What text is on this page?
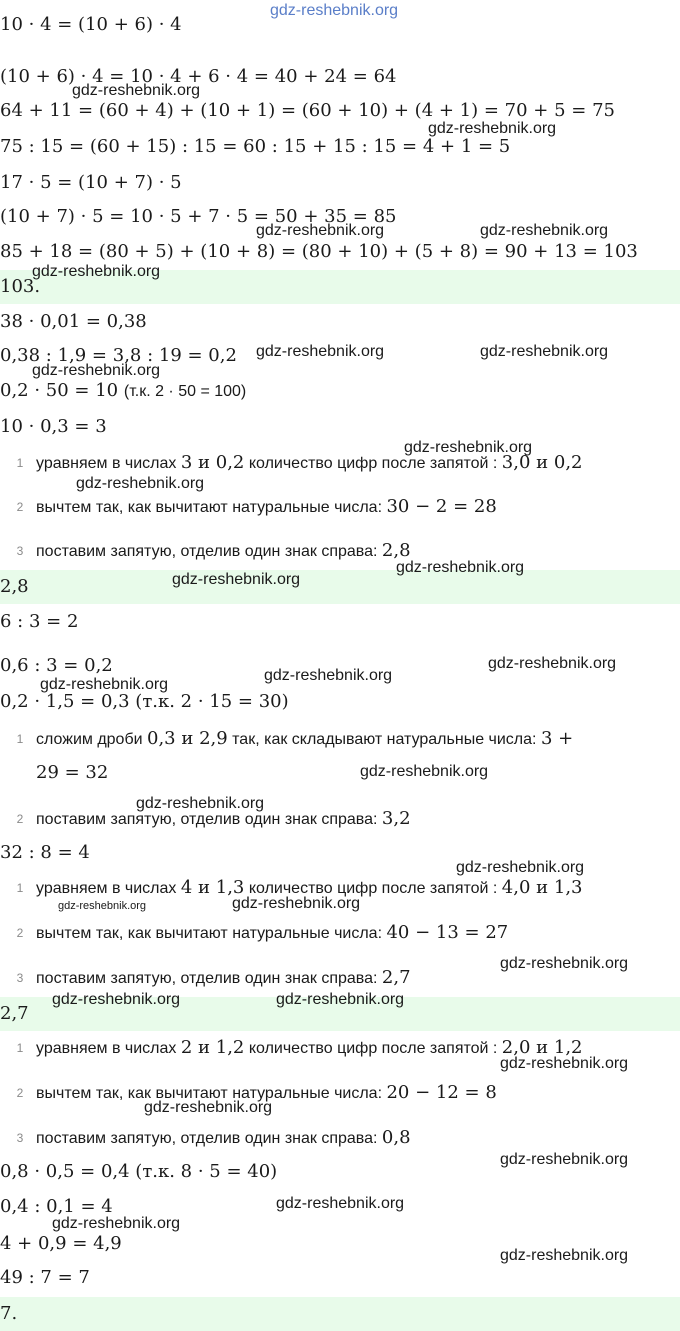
10 · 4 = (10 + 6) · 4
(10 + 6) · 4 = 10 · 4 + 6 · 4 = 40 + 24 = 64
64 + 11 = (60 + 4) + (10 + 1) = (60 + 10) + (4 + 1) = 70 + 5 = 75
75 : 15 = (60 + 15) : 15 = 60 : 15 + 15 : 15 = 4 + 1 = 5
17 · 5 = (10 + 7) · 5
(10 + 7) · 5 = 10 · 5 + 7 · 5 = 50 + 35 = 85
85 + 18 = (80 + 5) + (10 + 8) = (80 + 10) + (5 + 8) = 90 + 13 = 103
103.
38 · 0,01 = 0,38
0,38 : 1,9 = 3,8 : 19 = 0,2
0,2 · 50 = 10 (т.к. 2 · 50 = 100)
10 · 0,3 = 3
1 уравняем в числах 3 и 0,2 количество цифр после запятой : 3,0 и 0,2
2 вычтем так, как вычитают натуральные числа: 30 − 2 = 28
3 поставим запятую, отделив один знак справа: 2,8
2,8
6 : 3 = 2
0,6 : 3 = 0,2
0,2 · 1,5 = 0,3 (т.к. 2 · 15 = 30)
1 сложим дроби 0,3 и 2,9 так, как складывают натуральные числа: 3 +
29 = 32
2 поставим запятую, отделив один знак справа: 3,2
32 : 8 = 4
1 уравняем в числах 4 и 1,3 количество цифр после запятой : 4,0 и 1,3
2 вычтем так, как вычитают натуральные числа: 40 − 13 = 27
3 поставим запятую, отделив один знак справа: 2,7
2,7
1 уравняем в числах 2 и 1,2 количество цифр после запятой : 2,0 и 1,2
2 вычтем так, как вычитают натуральные числа: 20 − 12 = 8
3 поставим запятую, отделив один знак справа: 0,8
0,8 · 0,5 = 0,4 (т.к. 8 · 5 = 40)
0,4 : 0,1 = 4
4 + 0,9 = 4,9
49 : 7 = 7
7.
gdz-reshebnik.org
gdz-reshebnik.org
gdz-reshebnik.org
gdz-reshebnik.org	gdz-reshebnik.org
gdz-reshebnik.org
gdz-reshebnik.org	gdz-reshebnik.org
gdz-reshebnik.org
gdz-reshebnik.org
gdz-reshebnik.org
gdz-reshebnik.org
gdz-reshebnik.org
gdz-reshebnik.org
gdz-reshebnik.org
gdz-reshebnik.org
gdz-reshebnik.org
gdz-reshebnik.org
gdz-reshebnik.org
gdz-reshebnik.org	gdz-reshebnik.org
gdz-reshebnik.org
gdz-reshebnik.org	gdz-reshebnik.org
gdz-reshebnik.org
gdz-reshebnik.org
gdz-reshebnik.org
gdz-reshebnik.org
gdz-reshebnik.org
gdz-reshebnik.org
